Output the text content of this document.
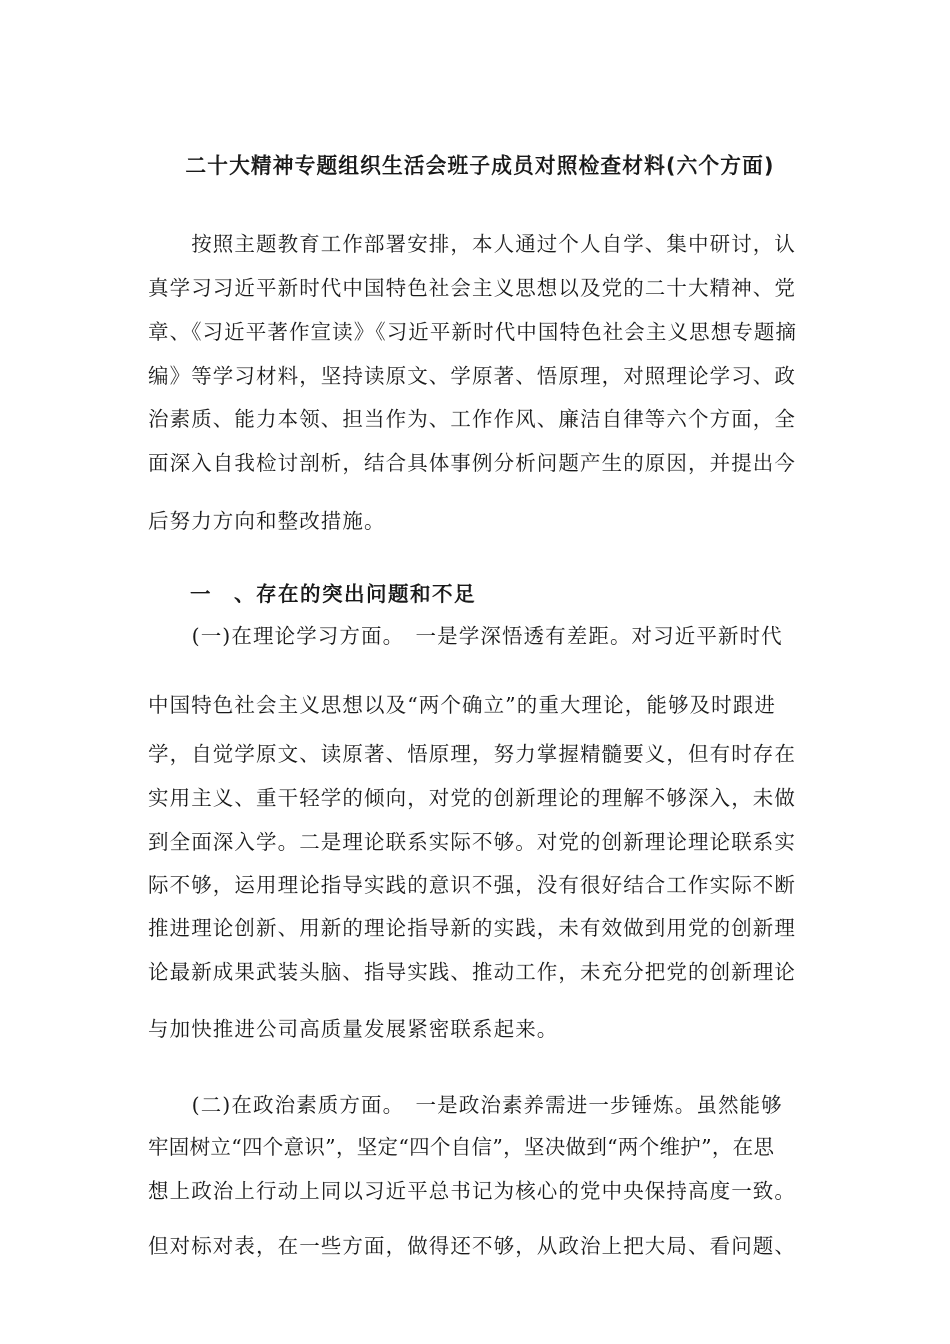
二十大精神专题组织生活会班子成员对照检查材料(六个方面)
　　按照主题教育工作部署安排，本人通过个人自学、集中研讨，认
真学习习近平新时代中国特色社会主义思想以及党的二十大精神、党
章、《习近平著作宣读》《习近平新时代中国特色社会主义思想专题摘
编》等学习材料，坚持读原文、学原著、悟原理，对照理论学习、政
治素质、能力本领、担当作为、工作作风、廉洁自律等六个方面，全
面深入自我检讨剖析，结合具体事例分析问题产生的原因，并提出今
后努力方向和整改措施。
一　、存在的突出问题和不足
　(一)在理论学习方面。　一是学深悟透有差距。对习近平新时代
中国特色社会主义思想以及“两个确立”的重大理论，能够及时跟进
学，自觉学原文、读原著、悟原理，努力掌握精髓要义，但有时存在
实用主义、重干轻学的倾向，对党的创新理论的理解不够深入，未做
到全面深入学。二是理论联系实际不够。对党的创新理论理论联系实
际不够，运用理论指导实践的意识不强，没有很好结合工作实际不断
推进理论创新、用新的理论指导新的实践，未有效做到用党的创新理
论最新成果武装头脑、指导实践、推动工作，未充分把党的创新理论
与加快推进公司高质量发展紧密联系起来。
　(二)在政治素质方面。　一是政治素养需进一步锤炼。虽然能够
牢固树立“四个意识”，坚定“四个自信”，坚决做到“两个维护”，在思
想上政治上行动上同以习近平总书记为核心的党中央保持高度一致。
但对标对表，在一些方面，做得还不够，从政治上把大局、看问题、
